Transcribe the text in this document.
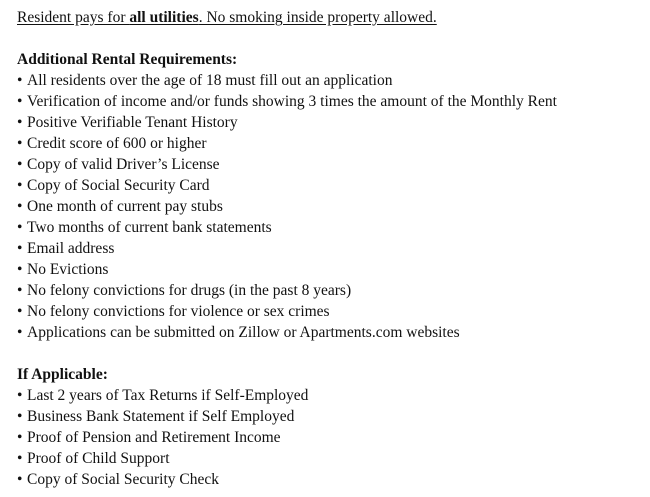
Resident pays for all utilities. No smoking inside property allowed.
Additional Rental Requirements:
• All residents over the age of 18 must fill out an application
• Verification of income and/or funds showing 3 times the amount of the Monthly Rent
• Positive Verifiable Tenant History
• Credit score of 600 or higher
• Copy of valid Driver’s License
• Copy of Social Security Card
• One month of current pay stubs
• Two months of current bank statements
• Email address
• No Evictions
• No felony convictions for drugs (in the past 8 years)
• No felony convictions for violence or sex crimes
• Applications can be submitted on Zillow or Apartments.com websites
If Applicable:
• Last 2 years of Tax Returns if Self-Employed
• Business Bank Statement if Self Employed
• Proof of Pension and Retirement Income
• Proof of Child Support
• Copy of Social Security Check
